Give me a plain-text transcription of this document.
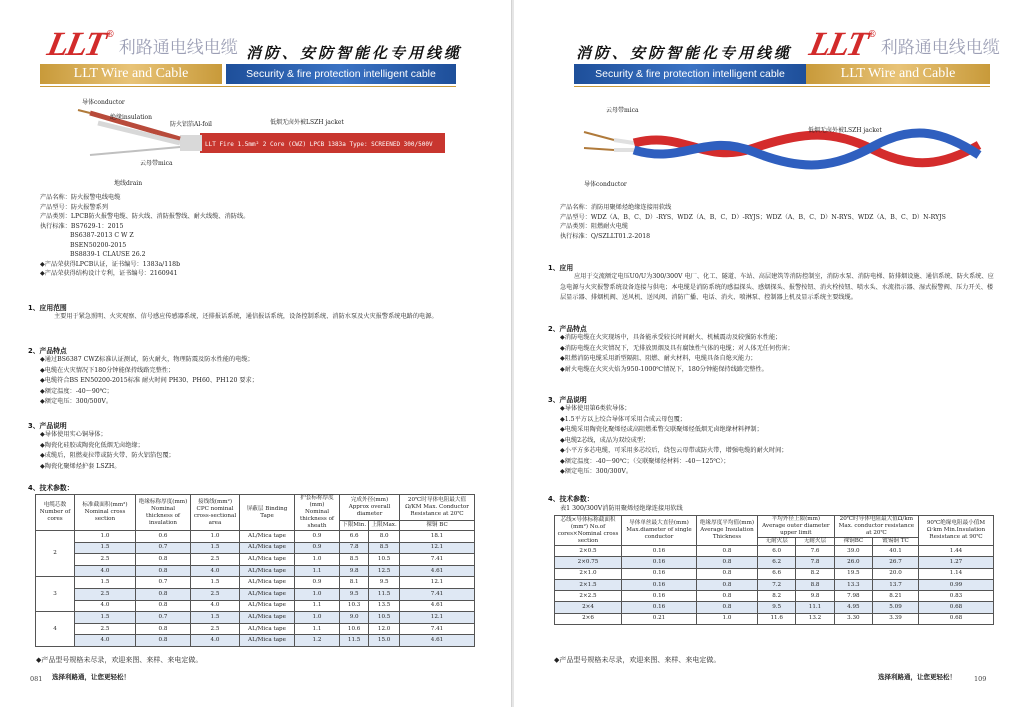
LLT
®
利路通电线电缆
LLT Wire and Cable
消防、安防智能化专用线缆
Security & fire protection intelligent cable
LLT Fire 1.5mm² 2 Core (CWZ) LPCB 1383a Type: SCREENED 300/500V
导体conductor
绝缘insulation
防火铝箔Al-foil	低烟无卤外被LSZH jacket
云母带mica
地线drain
产品名称：防火报警电线电缆
产品型号：防火报警系列
产品类别：LPCB防火报警电缆、防火线、消防报警线、耐火线缆、消防线。
执行标准：BS7629-1：2015
BS6387-2013 C W Z
BSEN50200-2015
BS8839-1 CLAUSE 26.2
◆产品荣获得LPCB认证，证书编号：1383a/118b
◆产品荣获得结构设计专利，证书编号：2160941
1、应用范围
主要用于紧急照明、火灾观察、信号感应传感器系统，还排报话系统，通信报话系统，设备控制系统、消防水泵及火灾报警系统电路的电源。
2、产品特点
◆通过BS6387 CWZ标准认证测试，防火耐火，物理防震及防水性能的电缆；
◆电缆在火灾情况下180分钟能保持线路完整性；
◆电缆符合BS EN50200-2015标准 耐火时间 PH30、PH60、PH120 要求；
◆额定温度：-40～90℃；
◆额定电压：300/500V。
3、产品说明
◆导体使用实心铜导体；
◆陶瓷化硅胶或陶瓷化低烟无卤绝缘；
◆成缆后，阻燃麦拉带或防火带、防火铝箔包覆；
◆陶瓷化聚烯烃护套 LSZH。
4、技术参数：
电缆芯数 Number of cores	标准截面积(mm²) Nominal cross section	绝缘标称厚度(mm) Nominal thickness of insulation	接线线(mm²) CPC nominal cross-sectional area	屏蔽层 Binding Tape	护套标称厚度(mm) Nominal thickness of sheath	完成外径(mm) Approx overall diameter		20℃时导体电阻最大值 Ω/KM Max. Conductor Resistance at 20℃
						下限Min.	上限Max.	裸铜 BC
2	1.0	0.6	1.0	AL/Mica tape	0.9	6.6	8.0	18.1
	1.5	0.7	1.5	AL/Mica tape	0.9	7.8	8.5	12.1
	2.5	0.8	2.5	AL/Mica tape	1.0	8.5	10.5	7.41
	4.0	0.8	4.0	AL/Mica tape	1.1	9.8	12.5	4.61
3	1.5	0.7	1.5	AL/Mica tape	0.9	8.1	9.5	12.1
	2.5	0.8	2.5	AL/Mica tape	1.0	9.5	11.5	7.41
	4.0	0.8	4.0	AL/Mica tape	1.1	10.3	13.5	4.61
4	1.5	0.7	1.5	AL/Mica tape	1.0	9.0	10.5	12.1
	2.5	0.8	2.5	AL/Mica tape	1.1	10.6	12.0	7.41
	4.0	0.8	4.0	AL/Mica tape	1.2	11.5	15.0	4.61
◆产品型号规格未尽录，欢迎来图、来样、来电定做。
081 选择利路通，让您更轻松！
消防、安防智能化专用线缆
Security & fire protection intelligent cable
LLT
®
利路通电线电缆
LLT Wire and Cable
云母带mica
低烟无卤外被LSZH jacket
导体conductor
产品名称：消防用聚烯烃绝缘连接用软线
产品型号：WDZ（A、B、C、D）-RYS、WDZ（A、B、C、D）-RYJS；WDZ（A、B、C、D）N-RYS、WDZ（A、B、C、D）N-RYJS
产品类别：阻燃耐火电缆
执行标准：Q/SZLLT01.2-2018
1、应用
应用于交流额定电压U0/U为300/300V 电厂、化工、隧道、车站、高层建筑等消防控制室，消防水泵、消防电梯、防排烟设施、通信系统、防火系统、应急电源与火灾报警系统设备连接与供电；本电缆是消防系统的感温探头、感烟探头、报警按钮、消火栓按钮、喷水头、水流指示器、湿式报警阀、压力开关、楼层显示器、排烟机阀、送风机、送风阀、消防广播、电话、消火、喷淋泵、控制器上机及显示系统主要线缆。
2、产品特点
◆消防电缆在火灾现场中，具备能承受较长时间耐火、机械震动及较强防水性能；
◆消防电缆在火灾情况下，无排放黑烟及具有腐蚀性气体的电缆；对人体无任何伤害；
◆阻燃消防电缆采用新型隔阻、阻燃、耐火材料，电缆具备自熄灭能力；
◆耐火电缆在火灾火焰为950-1000℃情况下，180分钟能保持线路完整性。
3、产品说明
◆导体使用第6类软导体；
◆1.5平方以上绞合导体可采用合成云母包覆；
◆电缆采用陶瓷化聚烯烃或高阻燃柔瞥交联聚烯烃低烟无卤绝缘材料押制；
◆电缆2芯线，成品为双绞成型；
◆小平方多芯电缆，可采用多芯绞后，绕包云母带或防火带，增强电缆的耐火时间；
◆额定温度：-40～90℃；（交联聚烯烃材料：-40～125℃）；
◆额定电压：300/300V。
4、技术参数：
表1 300/300V消防用聚烯烃绝缘连接用软线
芯线×导体标称截面积(mm²) No.of cores×Nominal cross section	导体单丝最大直径(mm) Max.diameter of single conductor	绝缘厚度平均值(mm) Average Insulation Thickness	平均外径上限(mm) Average outer diameter upper limit		20℃时导体电阻最大值Ω/km Max. conductor resistance at 20℃		90℃绝缘电阻最小值M Ω·km Min.Insulation Resistance at 90℃
			无耐火层	无耐火层	裸铜BC	镀锡铜 TC	
2×0.5	0.16	0.8	6.0	7.6	39.0	40.1	1.44
2×0.75	0.16	0.8	6.2	7.8	26.0	26.7	1.27
2×1.0	0.16	0.8	6.6	8.2	19.5	20.0	1.14
2×1.5	0.16	0.8	7.2	8.8	13.3	13.7	0.99
2×2.5	0.16	0.8	8.2	9.8	7.98	8.21	0.83
2×4	0.16	0.8	9.5	11.1	4.95	5.09	0.68
2×6	0.21	1.0	11.6	13.2	3.30	3.39	0.68
◆产品型号规格未尽录，欢迎来图、来样、来电定做。
选择利路通，让您更轻松！	109
